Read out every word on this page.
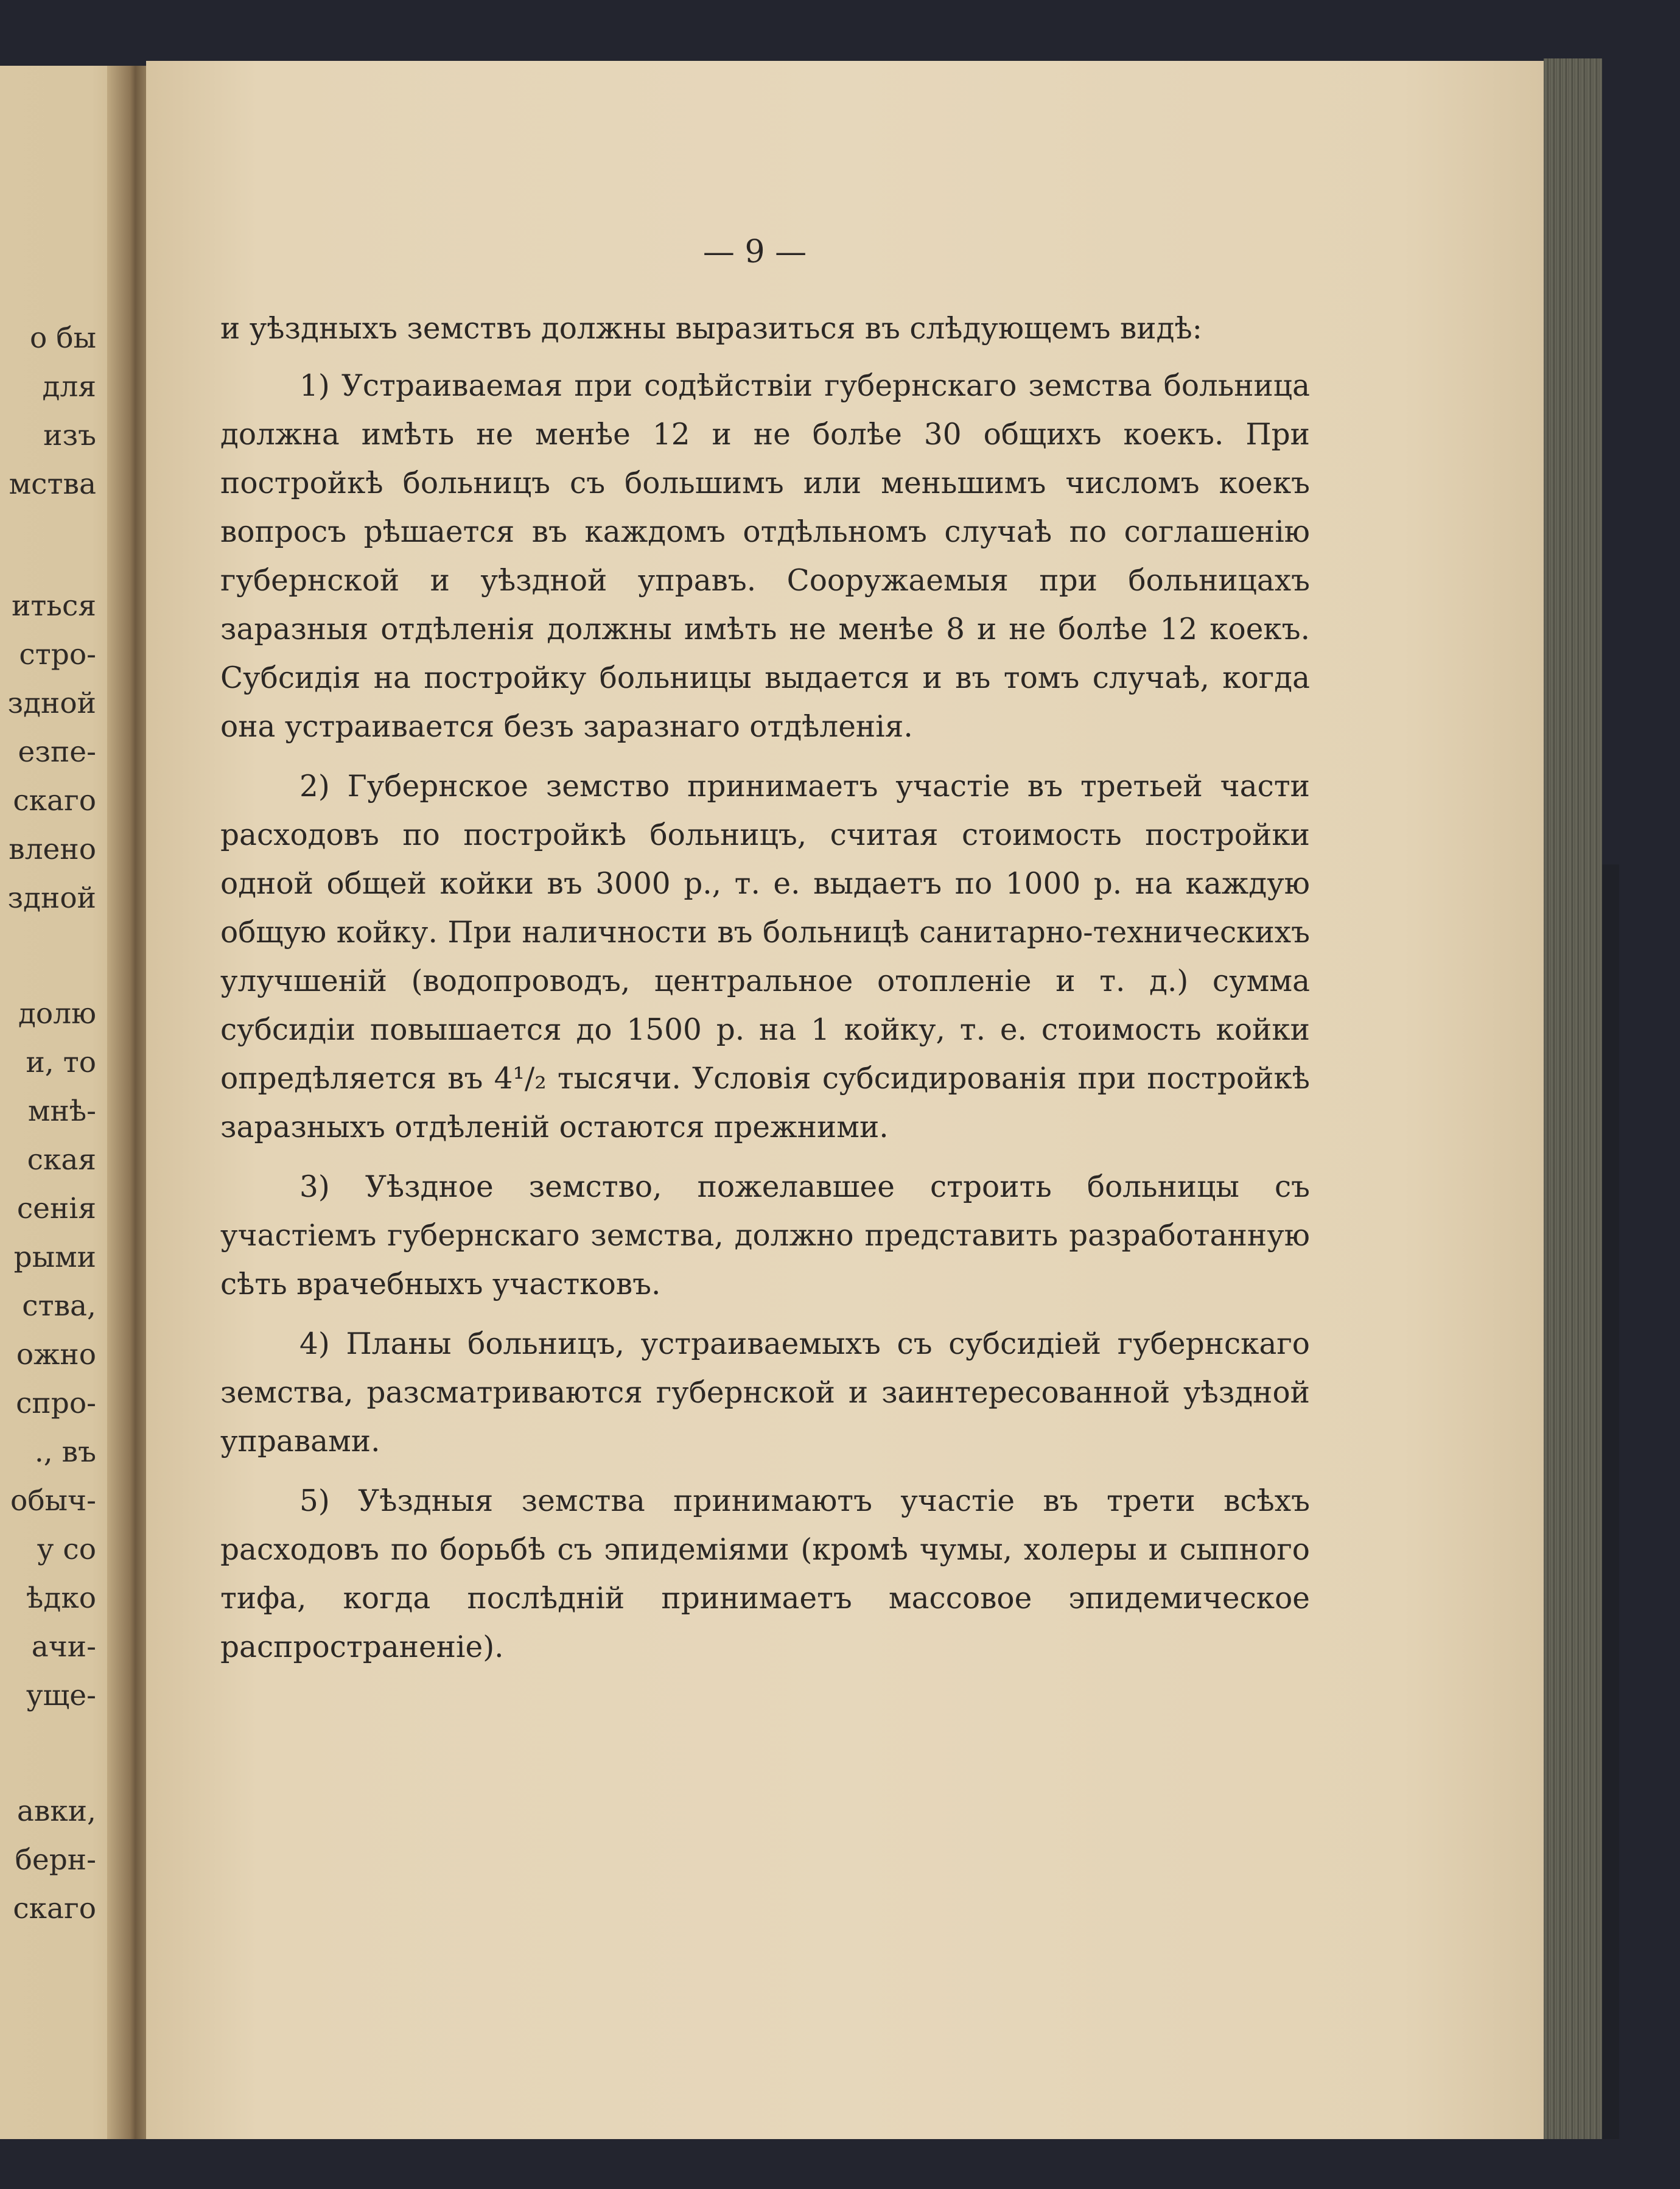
о бы
для
изъ
мства
иться
стро-
здной
езпе-
скаго
влено
здной
долю
и, то
мнѣ-
ская
сенія
рыми
ства,
ожно
спро-
., въ
обыч-
у со
ѣдко
ачи-
уще-
авки,
берн-
скаго
— 9 —

и уѣздныхъ земствъ должны выразиться въ слѣдующемъ видѣ:

1) Устраиваемая при содѣйствіи губернскаго земства больница должна имѣть не менѣе 12 и не болѣе 30 общихъ коекъ. При постройкѣ больницъ съ большимъ или меньшимъ числомъ коекъ вопросъ рѣшается въ каждомъ отдѣльномъ случаѣ по соглашенію губернской и уѣздной управъ. Сооружаемыя при больницахъ заразныя отдѣленія должны имѣть не менѣе 8 и не болѣе 12 коекъ. Субсидія на постройку больницы выдается и въ томъ случаѣ, когда она устраивается безъ заразнаго отдѣленія.

2) Губернское земство принимаетъ участіе въ третьей части расходовъ по постройкѣ больницъ, считая стоимость постройки одной общей койки въ 3000 р., т. е. выдаетъ по 1000 р. на каждую общую койку. При наличности въ больницѣ санитарно-техническихъ улучшеній (водопроводъ, центральное отопленіе и т. д.) сумма субсидіи повышается до 1500 р. на 1 койку, т. е. стоимость койки опредѣляется въ 4¹/₂ тысячи. Условія субсидированія при постройкѣ заразныхъ отдѣленій остаются прежними.

3) Уѣздное земство, пожелавшее строить больницы съ участіемъ губернскаго земства, должно представить разработанную сѣть врачебныхъ участковъ.

4) Планы больницъ, устраиваемыхъ съ субсидіей губернскаго земства, разсматриваются губернской и заинтересованной уѣздной управами.

5) Уѣздныя земства принимаютъ участіе въ трети всѣхъ расходовъ по борьбѣ съ эпидеміями (кромѣ чумы, холеры и сыпного тифа, когда послѣдній принимаетъ массовое эпидемическое распространеніе).
